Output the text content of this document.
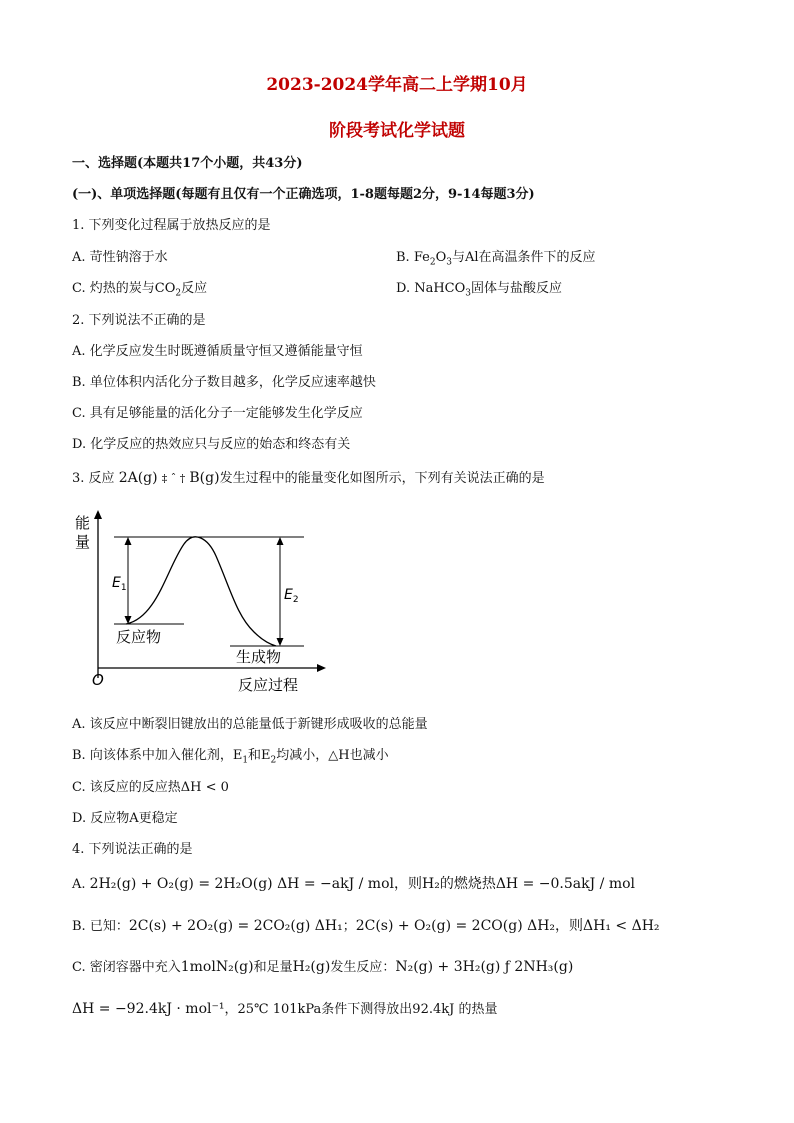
2023-2024学年高二上学期10月
阶段考试化学试题
一、选择题(本题共17个小题，共43分)
(一)、单项选择题(每题有且仅有一个正确选项，1-8题每题2分，9-14每题3分)
1. 下列变化过程属于放热反应的是
A. 苛性钠溶于水	B. $Fe_2O_3$与Al在高温条件下的反应
C. 灼热的炭与$CO_2$反应	D. NaHCO$_3$固体与盐酸反应
2. 下列说法不正确的是
A. 化学反应发生时既遵循质量守恒又遵循能量守恒
B. 单位体积内活化分子数目越多，化学反应速率越快
C. 具有足够能量的活化分子一定能够发生化学反应
D. 化学反应的热效应只与反应的始态和终态有关
3. 反应 2A(g) ‡ ˆ † B(g)发生过程中的能量变化如图所示，下列有关说法正确的是
能
量
O	反应过程
反应物
生成物
$E_1$	$E_2$
A. 该反应中断裂旧键放出的总能量低于新键形成吸收的总能量
B. 向该体系中加入催化剂，$E_1$和$E_2$均减小，△H也减小
C. 该反应的反应热ΔH < 0
D. 反应物A更稳定
4. 下列说法正确的是
A. 2H₂(g) + O₂(g) = 2H₂O(g) ΔH = −akJ / mol，则H₂的燃烧热ΔH = −0.5akJ / mol
B. 已知：2C(s) + 2O₂(g) = 2CO₂(g) ΔH₁；2C(s) + O₂(g) = 2CO(g) ΔH₂，则ΔH₁ < ΔH₂
C. 密闭容器中充入1molN₂(g)和足量H₂(g)发生反应：N₂(g) + 3H₂(g) ƒ 2NH₃(g)
ΔH = −92.4kJ · mol⁻¹，25℃ 101kPa条件下测得放出92.4kJ 的热量
